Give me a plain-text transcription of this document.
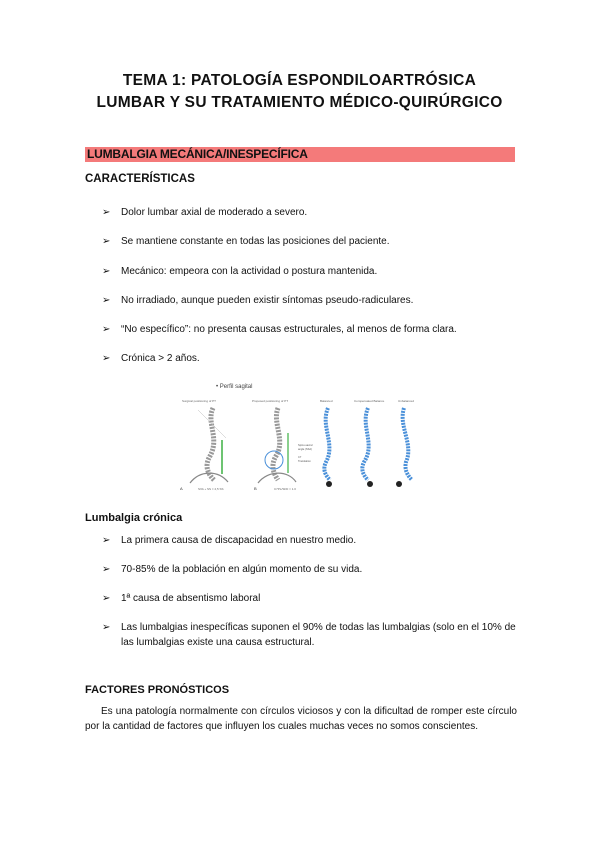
TEMA 1: PATOLOGÍA ESPONDILOARTRÓSICA
LUMBAR Y SU TRATAMIENTO MÉDICO-QUIRÚRGICO
LUMBALGIA MECÁNICA/INESPECÍFICA
CARACTERÍSTICAS
➢ Dolor lumbar axial de moderado a severo.
➢ Se mantiene constante en todas las posiciones del paciente.
➢ Mecánico: empeora con la actividad o postura mantenida.
➢ No irradiado, aunque pueden existir síntomas pseudo-radiculares.
➢ “No específico”: no presenta causas estructurales, al menos de forma clara.
➢ Crónica > 2 años.
• Perfil sagital
Surgical positioning of PT	Proposed positioning of PT	Balanced	Compensated Balance	Unbalanced
A	SVA + SS = 2,5 SS
Spino-sacral
angle (SSA)
C7
Translation
B	C7PL/SFD = 1.0
Lumbalgia crónica
➢ La primera causa de discapacidad en nuestro medio.
➢ 70-85% de la población en algún momento de su vida.
➢ 1ª causa de absentismo laboral
➢ Las lumbalgias inespecíficas suponen el 90% de todas las lumbalgias (solo en el 10% de las lumbalgias existe una causa estructural.
FACTORES PRONÓSTICOS
Es una patología normalmente con círculos viciosos y con la dificultad de romper este círculo por la cantidad de factores que influyen los cuales muchas veces no somos conscientes.
